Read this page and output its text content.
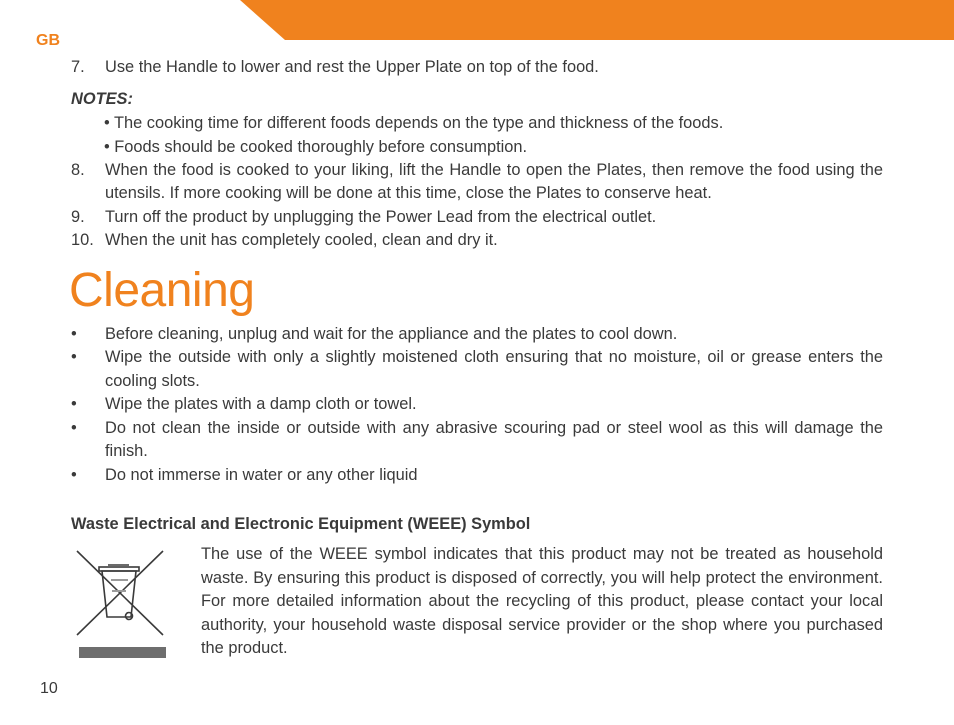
GB
7.	Use the Handle to lower and rest the Upper Plate on top of the food.
NOTES:
• The cooking time for different foods depends on the type and thickness of the foods.
• Foods should be cooked thoroughly before consumption.
8.	When the food is cooked to your liking, lift the Handle to open the Plates, then remove the food using the utensils. If more cooking will be done at this time, close the Plates to conserve heat.
9.	Turn off the product by unplugging the Power Lead from the electrical outlet.
10. When the unit has completely cooled, clean and dry it.
Cleaning
•	Before cleaning, unplug and wait for the appliance and the plates to cool down.
•	Wipe the outside with only a slightly moistened cloth ensuring that no moisture, oil or grease enters the cooling slots.
•	Wipe the plates with a damp cloth or towel.
•	Do not clean the inside or outside with any abrasive scouring pad or steel wool as this will damage the finish.
•	Do not immerse in water or any other liquid
Waste Electrical and Electronic Equipment (WEEE) Symbol
The use of the WEEE symbol indicates that this product may not be treated as household waste. By ensuring this product is disposed of correctly, you will help protect the environment. For more detailed information about the recycling of this product, please contact your local authority, your household waste disposal service provider or the shop where you purchased the product.
10
